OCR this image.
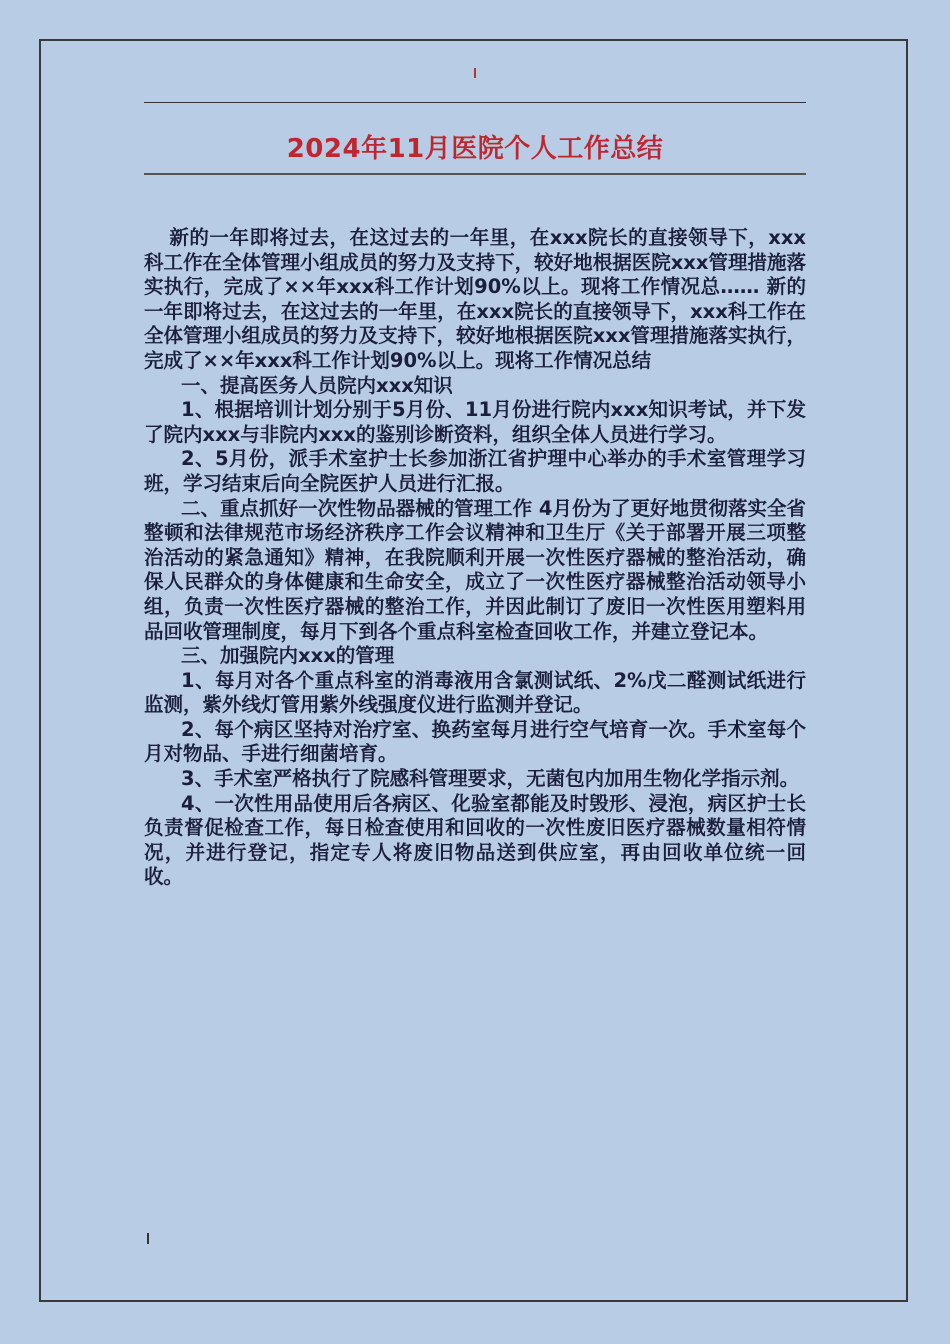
2024年11月医院个人工作总结

新的一年即将过去，在这过去的一年里，在xxx院长的直接领导下，xxx科工作在全体管理小组成员的努力及支持下，较好地根据医院xxx管理措施落实执行，完成了××年xxx科工作计划90%以上。现将工作情况总…… 新的一年即将过去，在这过去的一年里，在xxx院长的直接领导下，xxx科工作在全体管理小组成员的努力及支持下，较好地根据医院xxx管理措施落实执行，完成了××年xxx科工作计划90%以上。现将工作情况总结

一、提高医务人员院内xxx知识

1、根据培训计划分别于5月份、11月份进行院内xxx知识考试，并下发了院内xxx与非院内xxx的鉴别诊断资料，组织全体人员进行学习。

2、5月份，派手术室护士长参加浙江省护理中心举办的手术室管理学习班，学习结束后向全院医护人员进行汇报。

二、重点抓好一次性物品器械的管理工作 4月份为了更好地贯彻落实全省整顿和法律规范市场经济秩序工作会议精神和卫生厅《关于部署开展三项整治活动的紧急通知》精神，在我院顺利开展一次性医疗器械的整治活动，确保人民群众的身体健康和生命安全，成立了一次性医疗器械整治活动领导小组，负责一次性医疗器械的整治工作，并因此制订了废旧一次性医用塑料用品回收管理制度，每月下到各个重点科室检查回收工作，并建立登记本。

三、加强院内xxx的管理

1、每月对各个重点科室的消毒液用含氯测试纸、2%戊二醛测试纸进行监测，紫外线灯管用紫外线强度仪进行监测并登记。

2、每个病区坚持对治疗室、换药室每月进行空气培育一次。手术室每个月对物品、手进行细菌培育。

3、手术室严格执行了院感科管理要求，无菌包内加用生物化学指示剂。

4、一次性用品使用后各病区、化验室都能及时毁形、浸泡，病区护士长负责督促检查工作，每日检查使用和回收的一次性废旧医疗器械数量相符情况，并进行登记，指定专人将废旧物品送到供应室，再由回收单位统一回收。
